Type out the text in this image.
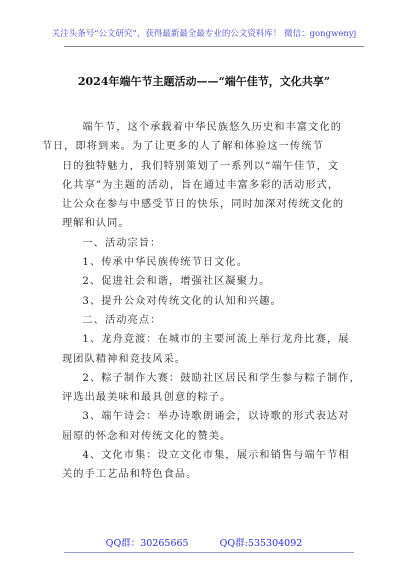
关注头条号“公文研究”，获得最新最全最专业的公文资料库！ 微信：gongwenyj
2024年端午节主题活动——“端午佳节，文化共享”

端午节，这个承载着中华民族悠久历史和丰富文化的
节日，即将到来。为了让更多的人了解和体验这一传统节
日的独特魅力，我们特别策划了一系列以“端午佳节，文
化共享”为主题的活动，旨在通过丰富多彩的活动形式，
让公众在参与中感受节日的快乐，同时加深对传统文化的
理解和认同。

一、活动宗旨：

1、传承中华民族传统节日文化。

2、促进社会和谐，增强社区凝聚力。

3、提升公众对传统文化的认知和兴趣。

二、活动亮点：

1、龙舟竞渡：在城市的主要河流上举行龙舟比赛，展
现团队精神和竞技风采。

2、粽子制作大赛：鼓励社区居民和学生参与粽子制作，
评选出最美味和最具创意的粽子。

3、端午诗会：举办诗歌朗诵会，以诗歌的形式表达对
屈原的怀念和对传统文化的赞美。

4、文化市集：设立文化市集，展示和销售与端午节相
关的手工艺品和特色食品。

QQ群：30265665	QQ群:535304092
